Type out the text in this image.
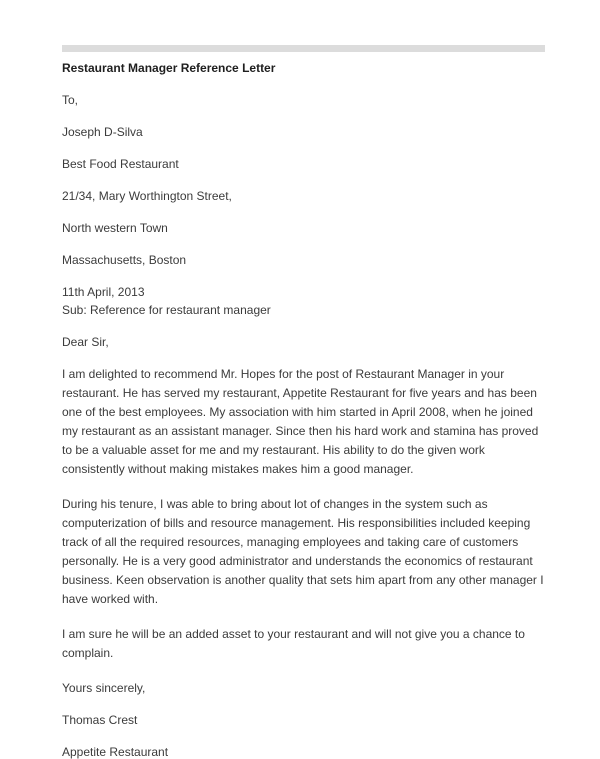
Restaurant Manager Reference Letter

To,

Joseph D-Silva

Best Food Restaurant

21/34, Mary Worthington Street,

North western Town

Massachusetts, Boston

11th April, 2013

Sub: Reference for restaurant manager

Dear Sir,

I am delighted to recommend Mr. Hopes for the post of Restaurant Manager in your restaurant. He has served my restaurant, Appetite Restaurant for five years and has been one of the best employees. My association with him started in April 2008, when he joined my restaurant as an assistant manager. Since then his hard work and stamina has proved to be a valuable asset for me and my restaurant. His ability to do the given work consistently without making mistakes makes him a good manager.

During his tenure, I was able to bring about lot of changes in the system such as computerization of bills and resource management. His responsibilities included keeping track of all the required resources, managing employees and taking care of customers personally. He is a very good administrator and understands the economics of restaurant business. Keen observation is another quality that sets him apart from any other manager I have worked with.

I am sure he will be an added asset to your restaurant and will not give you a chance to complain.

Yours sincerely,

Thomas Crest

Appetite Restaurant
